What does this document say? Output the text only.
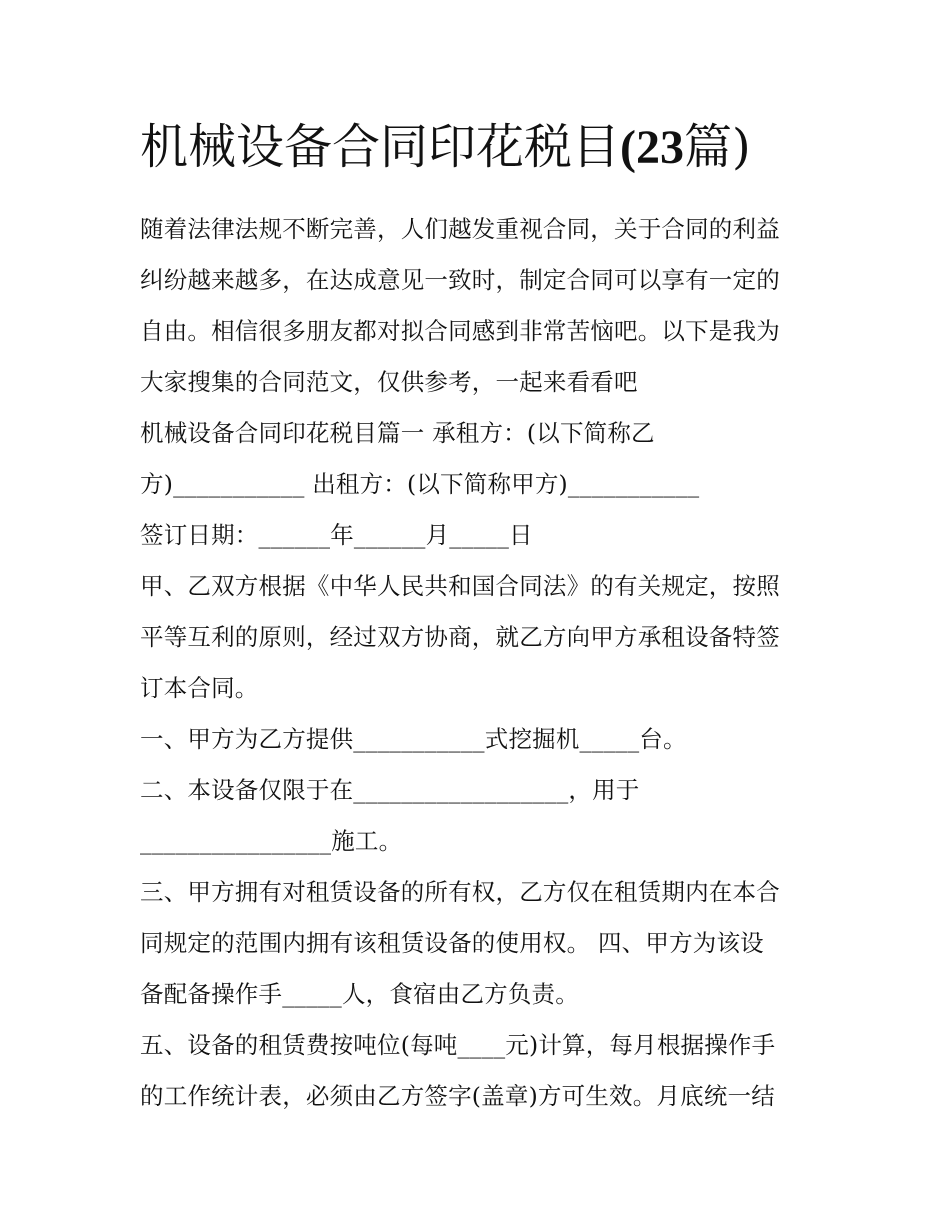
机械设备合同印花税目(23篇)
随着法律法规不断完善，人们越发重视合同，关于合同的利益
纠纷越来越多，在达成意见一致时，制定合同可以享有一定的
自由。相信很多朋友都对拟合同感到非常苦恼吧。以下是我为
大家搜集的合同范文，仅供参考，一起来看看吧
机械设备合同印花税目篇一 承租方：(以下简称乙
方)___________ 出租方：(以下简称甲方)___________
签订日期：______年______月_____日
甲、乙双方根据《中华人民共和国合同法》的有关规定，按照
平等互利的原则，经过双方协商，就乙方向甲方承租设备特签
订本合同。
一、甲方为乙方提供___________式挖掘机_____台。
二、本设备仅限于在__________________，用于
________________施工。
三、甲方拥有对租赁设备的所有权，乙方仅在租赁期内在本合
同规定的范围内拥有该租赁设备的使用权。 四、甲方为该设
备配备操作手_____人，食宿由乙方负责。
五、设备的租赁费按吨位(每吨____元)计算，每月根据操作手
的工作统计表，必须由乙方签字(盖章)方可生效。月底统一结
